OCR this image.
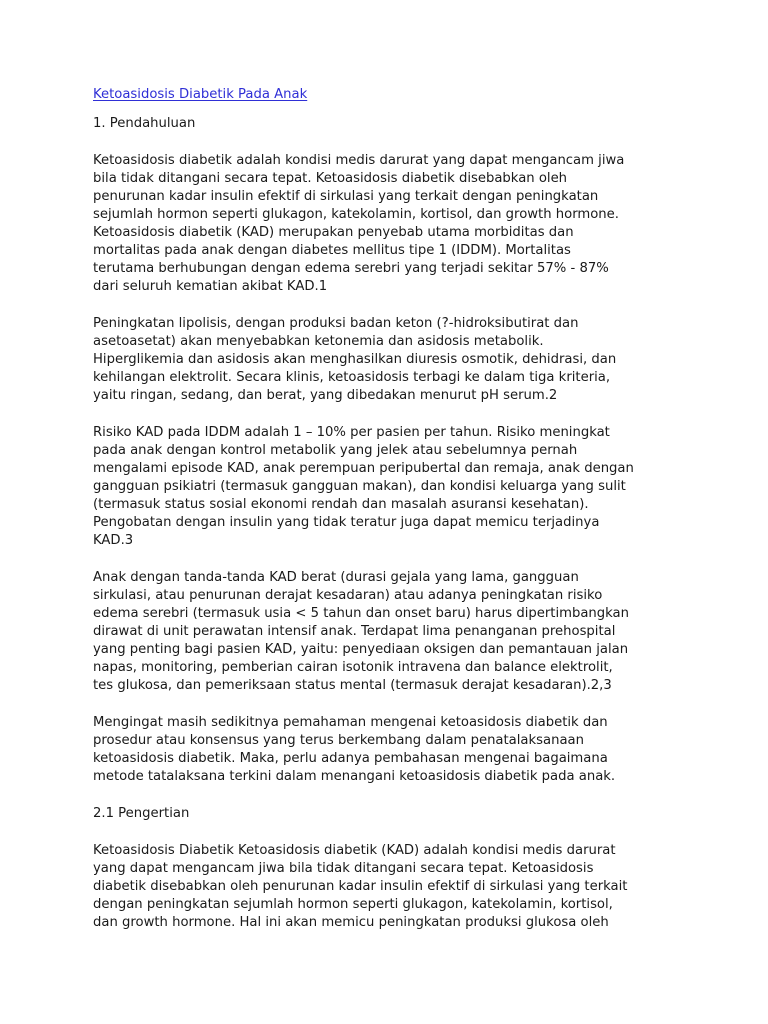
Ketoasidosis Diabetik Pada Anak
1. Pendahuluan
Ketoasidosis diabetik adalah kondisi medis darurat yang dapat mengancam jiwa
bila tidak ditangani secara tepat. Ketoasidosis diabetik disebabkan oleh
penurunan kadar insulin efektif di sirkulasi yang terkait dengan peningkatan
sejumlah hormon seperti glukagon, katekolamin, kortisol, dan growth hormone.
Ketoasidosis diabetik (KAD) merupakan penyebab utama morbiditas dan
mortalitas pada anak dengan diabetes mellitus tipe 1 (IDDM). Mortalitas
terutama berhubungan dengan edema serebri yang terjadi sekitar 57% - 87%
dari seluruh kematian akibat KAD.1
Peningkatan lipolisis, dengan produksi badan keton (?-hidroksibutirat dan
asetoasetat) akan menyebabkan ketonemia dan asidosis metabolik.
Hiperglikemia dan asidosis akan menghasilkan diuresis osmotik, dehidrasi, dan
kehilangan elektrolit. Secara klinis, ketoasidosis terbagi ke dalam tiga kriteria,
yaitu ringan, sedang, dan berat, yang dibedakan menurut pH serum.2
Risiko KAD pada IDDM adalah 1 – 10% per pasien per tahun. Risiko meningkat
pada anak dengan kontrol metabolik yang jelek atau sebelumnya pernah
mengalami episode KAD, anak perempuan peripubertal dan remaja, anak dengan
gangguan psikiatri (termasuk gangguan makan), dan kondisi keluarga yang sulit
(termasuk status sosial ekonomi rendah dan masalah asuransi kesehatan).
Pengobatan dengan insulin yang tidak teratur juga dapat memicu terjadinya
KAD.3
Anak dengan tanda-tanda KAD berat (durasi gejala yang lama, gangguan
sirkulasi, atau penurunan derajat kesadaran) atau adanya peningkatan risiko
edema serebri (termasuk usia < 5 tahun dan onset baru) harus dipertimbangkan
dirawat di unit perawatan intensif anak. Terdapat lima penanganan prehospital
yang penting bagi pasien KAD, yaitu: penyediaan oksigen dan pemantauan jalan
napas, monitoring, pemberian cairan isotonik intravena dan balance elektrolit,
tes glukosa, dan pemeriksaan status mental (termasuk derajat kesadaran).2,3
Mengingat masih sedikitnya pemahaman mengenai ketoasidosis diabetik dan
prosedur atau konsensus yang terus berkembang dalam penatalaksanaan
ketoasidosis diabetik. Maka, perlu adanya pembahasan mengenai bagaimana
metode tatalaksana terkini dalam menangani ketoasidosis diabetik pada anak.
2.1 Pengertian
Ketoasidosis Diabetik Ketoasidosis diabetik (KAD) adalah kondisi medis darurat
yang dapat mengancam jiwa bila tidak ditangani secara tepat. Ketoasidosis
diabetik disebabkan oleh penurunan kadar insulin efektif di sirkulasi yang terkait
dengan peningkatan sejumlah hormon seperti glukagon, katekolamin, kortisol,
dan growth hormone. Hal ini akan memicu peningkatan produksi glukosa oleh
